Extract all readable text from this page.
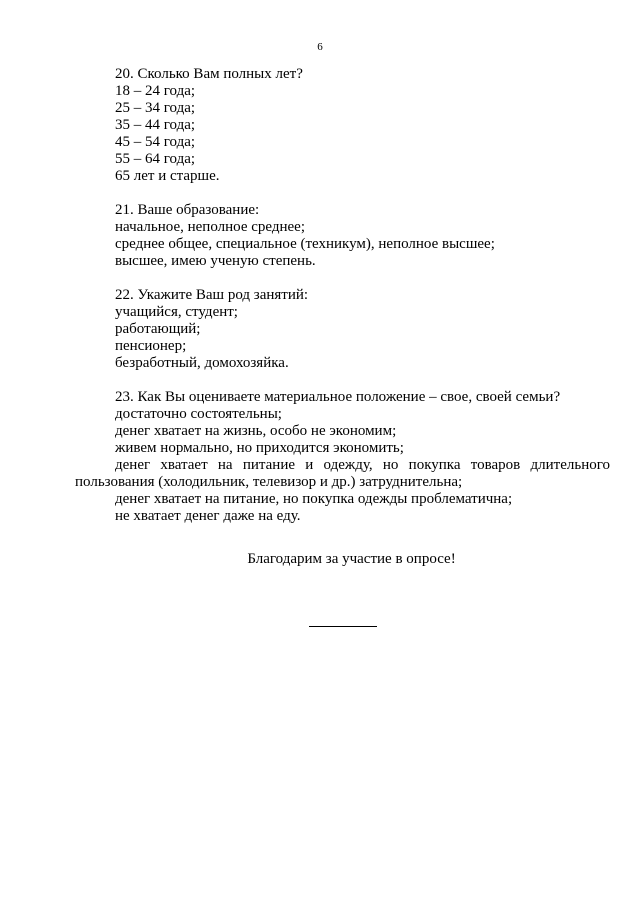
6
20. Сколько Вам полных лет?
18 – 24 года;
25 – 34 года;
35 – 44 года;
45 – 54 года;
55 – 64 года;
65 лет и старше.
21. Ваше образование:
начальное, неполное среднее;
среднее общее, специальное (техникум), неполное высшее;
высшее, имею ученую степень.
22. Укажите Ваш род занятий:
учащийся, студент;
работающий;
пенсионер;
безработный, домохозяйка.
23. Как Вы оцениваете материальное положение – свое, своей семьи?
достаточно состоятельны;
денег хватает на жизнь, особо не экономим;
живем нормально, но приходится экономить;
денег хватает на питание и одежду, но покупка товаров длительного пользования (холодильник, телевизор и др.) затруднительна;
денег хватает на питание, но покупка одежды проблематична;
не хватает денег даже на еду.
Благодарим за участие в опросе!
